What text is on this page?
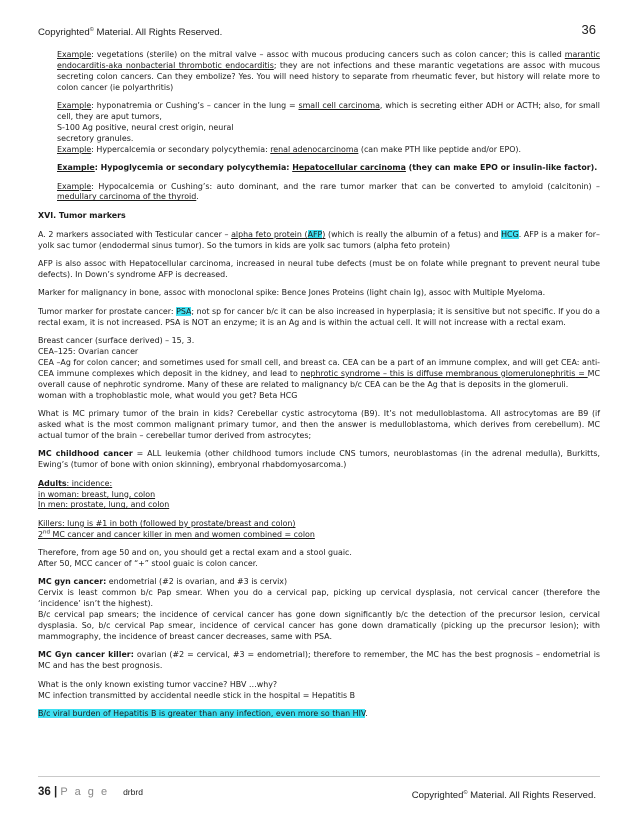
Copyrighted© Material. All Rights Reserved.	36

Example: vegetations (sterile) on the mitral valve – assoc with mucous producing cancers such as colon cancer; this is called marantic endocarditis-aka nonbacterial thrombotic endocarditis; they are not infections and these marantic vegetations are assoc with mucous secreting colon cancers. Can they embolize? Yes. You will need history to separate from rheumatic fever, but history will relate more to colon cancer (ie polyarthritis)

Example: hyponatremia or Cushing’s – cancer in the lung = small cell carcinoma, which is secreting either ADH or ACTH; also, for small cell, they are aput tumors,
S-100 Ag positive, neural crest origin, neural
secretory granules.
Example: Hypercalcemia or secondary polycythemia: renal adenocarcinoma (can make PTH like peptide and/or EPO).

Example: Hypoglycemia or secondary polycythemia: Hepatocellular carcinoma (they can make EPO or insulin-like factor).

Example: Hypocalcemia or Cushing’s: auto dominant, and the rare tumor marker that can be converted to amyloid (calcitonin) – medullary carcinoma of the thyroid.

XVI. Tumor markers

A. 2 markers associated with Testicular cancer – alpha feto protein (AFP) (which is really the albumin of a fetus) and HCG. AFP is a maker for–yolk sac tumor (endodermal sinus tumor). So the tumors in kids are yolk sac tumors (alpha feto protein)

AFP is also assoc with Hepatocellular carcinoma, increased in neural tube defects (must be on folate while pregnant to prevent neural tube defects). In Down’s syndrome AFP is decreased.

Marker for malignancy in bone, assoc with monoclonal spike: Bence Jones Proteins (light chain Ig), assoc with Multiple Myeloma.

Tumor marker for prostate cancer: PSA; not sp for cancer b/c it can be also increased in hyperplasia; it is sensitive but not specific. If you do a rectal exam, it is not increased. PSA is NOT an enzyme; it is an Ag and is within the actual cell. It will not increase with a rectal exam.

Breast cancer (surface derived) – 15, 3.
CEA–125: Ovarian cancer
CEA –Ag for colon cancer; and sometimes used for small cell, and breast ca. CEA can be a part of an immune complex, and will get CEA: anti-CEA immune complexes which deposit in the kidney, and lead to nephrotic syndrome – this is diffuse membranous glomerulonephritis = MC overall cause of nephrotic syndrome. Many of these are related to malignancy b/c CEA can be the Ag that is deposits in the glomeruli.
woman with a trophoblastic mole, what would you get? Beta HCG

What is MC primary tumor of the brain in kids? Cerebellar cystic astrocytoma (B9). It’s not medulloblastoma. All astrocytomas are B9 (if asked what is the most common malignant primary tumor, and then the answer is medulloblastoma, which derives from cerebellum). MC actual tumor of the brain – cerebellar tumor derived from astrocytes;

MC childhood cancer = ALL leukemia (other childhood tumors include CNS tumors, neuroblastomas (in the adrenal medulla), Burkitts, Ewing’s (tumor of bone with onion skinning), embryonal rhabdomyosarcoma.)

Adults: incidence:
in woman: breast, lung, colon
In men: prostate, lung, and colon

Killers: lung is #1 in both (followed by prostate/breast and colon)
2nd MC cancer and cancer killer in men and women combined = colon

Therefore, from age 50 and on, you should get a rectal exam and a stool guaic.
After 50, MCC cancer of “+” stool guaic is colon cancer.

MC gyn cancer: endometrial (#2 is ovarian, and #3 is cervix)
Cervix is least common b/c Pap smear. When you do a cervical pap, picking up cervical dysplasia, not cervical cancer (therefore the ‘incidence’ isn’t the highest).
B/c cervical pap smears; the incidence of cervical cancer has gone down significantly b/c the detection of the precursor lesion, cervical dysplasia. So, b/c cervical Pap smear, incidence of cervical cancer has gone down dramatically (picking up the precursor lesion); with mammography, the incidence of breast cancer decreases, same with PSA.

MC Gyn cancer killer: ovarian (#2 = cervical, #3 = endometrial); therefore to remember, the MC has the best prognosis – endometrial is MC and has the best prognosis.

What is the only known existing tumor vaccine? HBV …why?
MC infection transmitted by accidental needle stick in the hospital = Hepatitis B

B/c viral burden of Hepatitis B is greater than any infection, even more so than HIV.

36 | P a g e drbrd	Copyrighted© Material. All Rights Reserved.
